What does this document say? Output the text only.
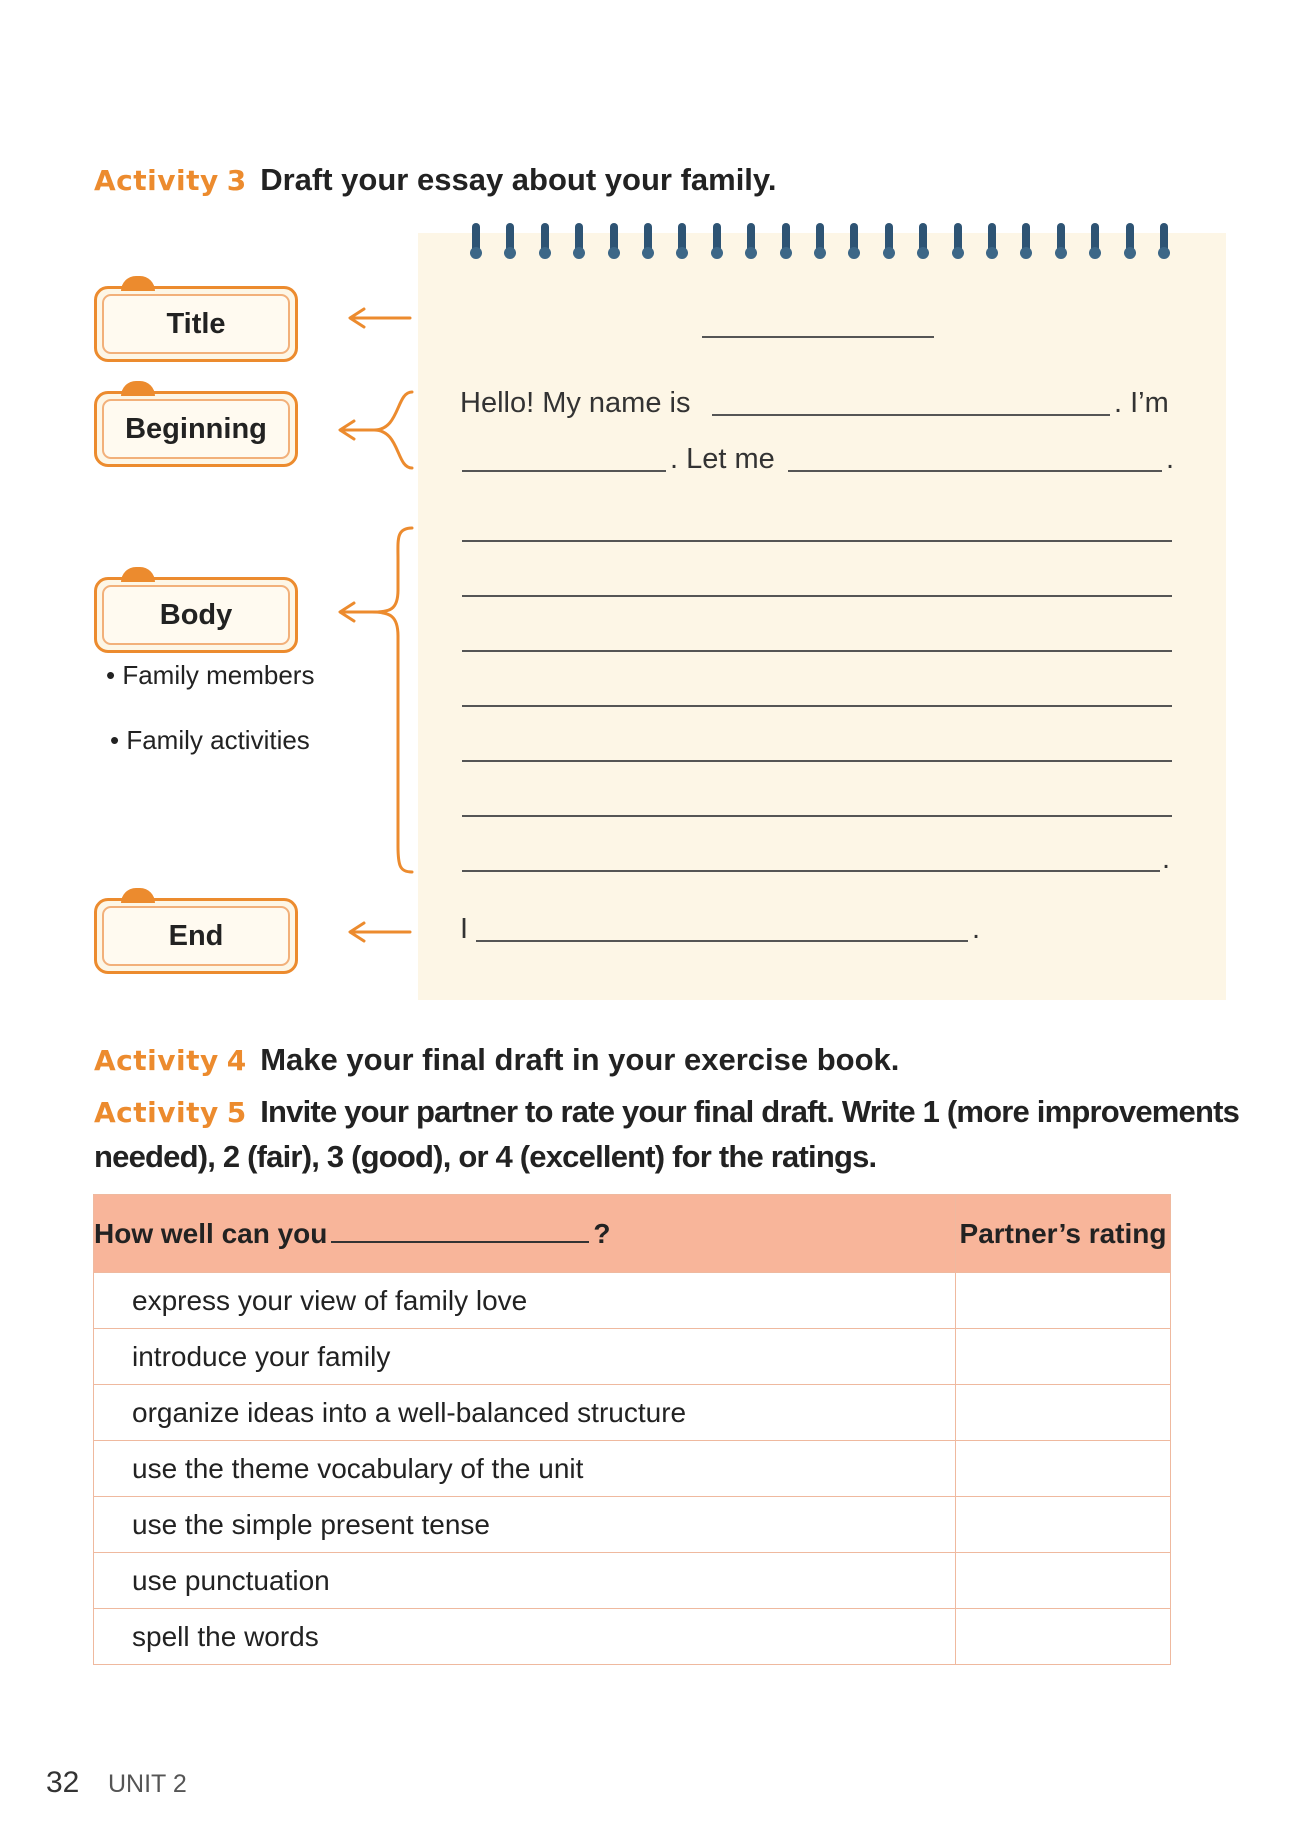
Activity 3 Draft your essay about your family.
Title
Beginning
Body
End
• Family members
• Family activities
Hello! My name is	. I’m
. Let me	.
.
I	.
Activity 4 Make your final draft in your exercise book.
Activity 5 Invite your partner to rate your final draft. Write 1 (more improvements
needed), 2 (fair), 3 (good), or 4 (excellent) for the ratings.
How well can you ?	Partner’s rating
express your view of family love	
introduce your family	
organize ideas into a well-balanced structure	
use the theme vocabulary of the unit	
use the simple present tense	
use punctuation	
spell the words	
32 UNIT 2
